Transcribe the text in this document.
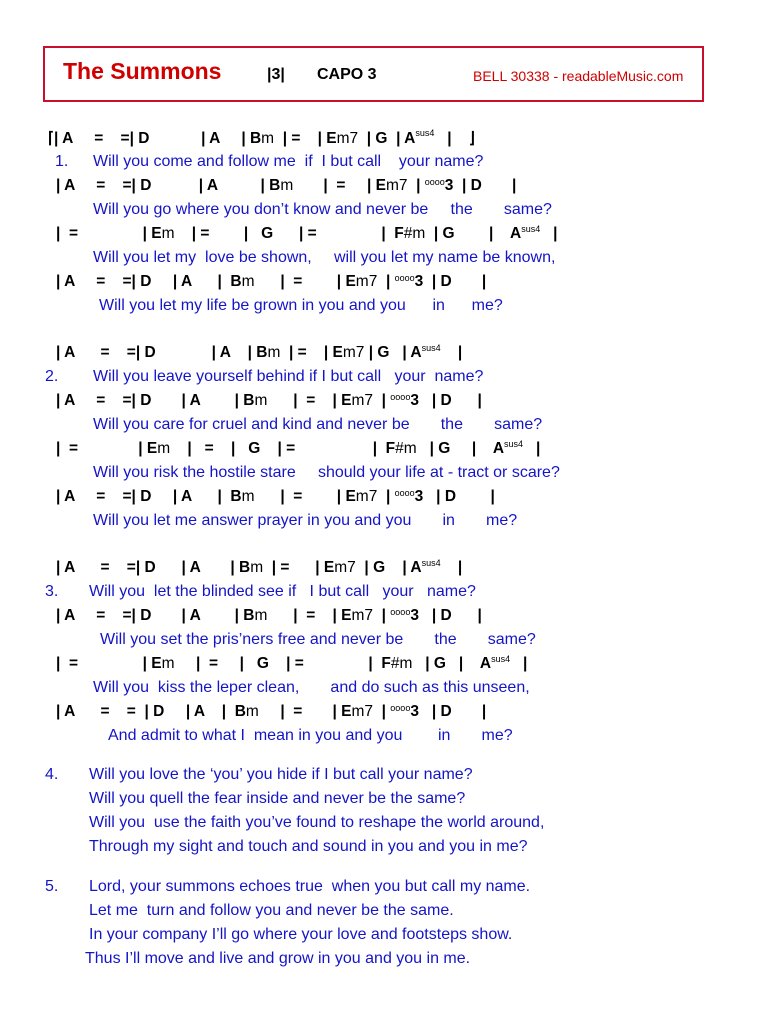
The Summons	|3| CAPO 3	BELL 30338 - readableMusic.com
⌈| A     =    =| D            | A     | Bm  | =    | Em7  | G  | $A^{sus4}$   |    ⌋
1. Will you come and follow me  if  I but call    your name?
| A     =    =| D           | A          | Bm       |  =     | Em7  | $^{oooo}$3  | D       |
Will you go where you don’t know and never be     the       same?
|  =               | Em    | =        |   G      | =               |  F#m  | G        |    $A^{sus4}$   |
Will you let my  love be shown,     will you let my name be known,
| A     =    =| D     | A      |  Bm      |  =        | Em7  | $^{oooo}$3  | D       |
Will you let my life be grown in you and you      in      me?
| A      =    =| D             | A    | Bm  | =    | Em7 | G   | $A^{sus4}$    |
2. Will you leave yourself behind if I but call   your  name?
| A     =    =| D       | A        | Bm      |  =    | Em7  | $^{oooo}$3   | D      |
Will you care for cruel and kind and never be       the       same?
|  =              | Em    |   =    |   G    | =                  |  F#m   | G     |    $A^{sus4}$   |
Will you risk the hostile stare     should your life at - tract or scare?
| A     =    =| D     | A      |  Bm      |  =        | Em7  | $^{oooo}$3   | D        |
Will you let me answer prayer in you and you       in       me?
| A      =    =| D      | A       | Bm  | =      | Em7  | G    | $A^{sus4}$    |
3. Will you  let the blinded see if   I but call   your   name?
| A     =    =| D       | A        | Bm      |  =    | Em7  | $^{oooo}$3   | D      |
Will you set the pris’ners free and never be       the       same?
|  =               | Em     |  =     |   G    | =               |  F#m   | G   |    $A^{sus4}$   |
Will you  kiss the leper clean,       and do such as this unseen,
| A      =    =  | D     | A    |  Bm     |  =       | Em7  | $^{oooo}$3   | D       |
And admit to what I  mean in you and you        in       me?
4. Will you love the ‘you’ you hide if I but call your name?
Will you quell the fear inside and never be the same?
Will you  use the faith you’ve found to reshape the world around,
Through my sight and touch and sound in you and you in me?
5. Lord, your summons echoes true  when you but call my name.
Let me  turn and follow you and never be the same.
In your company I’ll go where your love and footsteps show.
Thus I’ll move and live and grow in you and you in me.
